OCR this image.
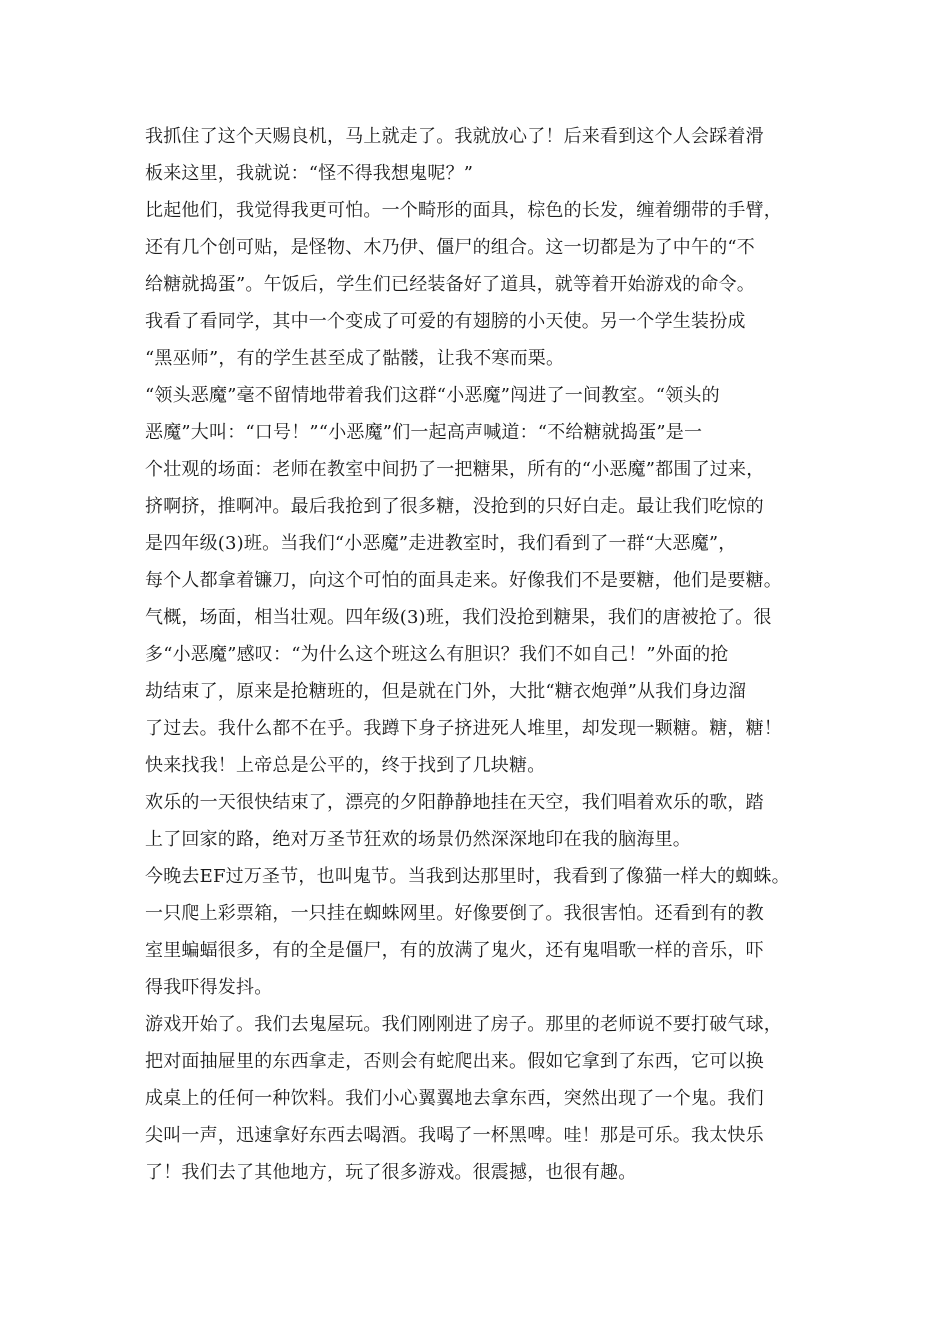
我抓住了这个天赐良机，马上就走了。我就放心了！后来看到这个人会踩着滑
板来这里，我就说：“怪不得我想鬼呢？”
比起他们，我觉得我更可怕。一个畸形的面具，棕色的长发，缠着绷带的手臂，
还有几个创可贴，是怪物、木乃伊、僵尸的组合。这一切都是为了中午的“不
给糖就捣蛋”。午饭后，学生们已经装备好了道具，就等着开始游戏的命令。
我看了看同学，其中一个变成了可爱的有翅膀的小天使。另一个学生装扮成
“黑巫师”，有的学生甚至成了骷髅，让我不寒而栗。
“领头恶魔”毫不留情地带着我们这群“小恶魔”闯进了一间教室。“领头的
恶魔”大叫：“口号！”“小恶魔”们一起高声喊道：“不给糖就捣蛋”是一
个壮观的场面：老师在教室中间扔了一把糖果，所有的“小恶魔”都围了过来，
挤啊挤，推啊冲。最后我抢到了很多糖，没抢到的只好白走。最让我们吃惊的
是四年级(3)班。当我们“小恶魔”走进教室时，我们看到了一群“大恶魔”，
每个人都拿着镰刀，向这个可怕的面具走来。好像我们不是要糖，他们是要糖。
气概，场面，相当壮观。四年级(3)班，我们没抢到糖果，我们的唐被抢了。很
多“小恶魔”感叹：“为什么这个班这么有胆识？我们不如自己！”外面的抢
劫结束了，原来是抢糖班的，但是就在门外，大批“糖衣炮弹”从我们身边溜
了过去。我什么都不在乎。我蹲下身子挤进死人堆里，却发现一颗糖。糖，糖！
快来找我！上帝总是公平的，终于找到了几块糖。
欢乐的一天很快结束了，漂亮的夕阳静静地挂在天空，我们唱着欢乐的歌，踏
上了回家的路，绝对万圣节狂欢的场景仍然深深地印在我的脑海里。
今晚去EF过万圣节，也叫鬼节。当我到达那里时，我看到了像猫一样大的蜘蛛。
一只爬上彩票箱，一只挂在蜘蛛网里。好像要倒了。我很害怕。还看到有的教
室里蝙蝠很多，有的全是僵尸，有的放满了鬼火，还有鬼唱歌一样的音乐，吓
得我吓得发抖。
游戏开始了。我们去鬼屋玩。我们刚刚进了房子。那里的老师说不要打破气球，
把对面抽屉里的东西拿走，否则会有蛇爬出来。假如它拿到了东西，它可以换
成桌上的任何一种饮料。我们小心翼翼地去拿东西，突然出现了一个鬼。我们
尖叫一声，迅速拿好东西去喝酒。我喝了一杯黑啤。哇！那是可乐。我太快乐
了！我们去了其他地方，玩了很多游戏。很震撼，也很有趣。
